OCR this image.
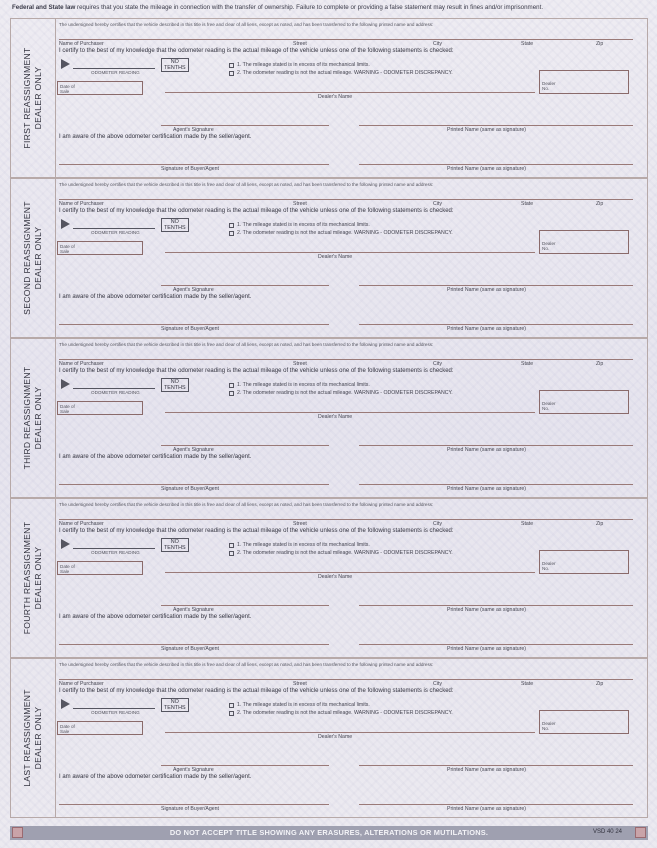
Federal and State law requires that you state the mileage in connection with the transfer of ownership. Failure to complete or providing a false statement may result in fines and/or imprisonment.
FIRST REASSIGNMENT DEALER ONLY
The undersigned hereby certifies that the vehicle described in this title is free and clear of all liens, except as noted, and has been transferred to the following printed name and address:
Name of Purchaser	Street	City	State	Zip
I certify to the best of my knowledge that the odometer reading is the actual mileage of the vehicle unless one of the following statements is checked:
NO
TENTHS
ODOMETER READING
1. The mileage stated is in excess of its mechanical limits.
2. The odometer reading is not the actual mileage. WARNING - ODOMETER DISCREPANCY.
Date of Sale
Dealer's Name
Dealer No.
Agent's Signature	Printed Name (same as signature)
I am aware of the above odometer certification made by the seller/agent.
Signature of Buyer/Agent	Printed Name (same as signature)
SECOND REASSIGNMENT DEALER ONLY
The undersigned hereby certifies that the vehicle described in this title is free and clear of all liens, except as noted, and has been transferred to the following printed name and address:
Name of Purchaser	Street	City	State	Zip
I certify to the best of my knowledge that the odometer reading is the actual mileage of the vehicle unless one of the following statements is checked:
NO
TENTHS
ODOMETER READING
1. The mileage stated is in excess of its mechanical limits.
2. The odometer reading is not the actual mileage. WARNING - ODOMETER DISCREPANCY.
Date of Sale
Dealer's Name
Dealer No.
Agent's Signature	Printed Name (same as signature)
I am aware of the above odometer certification made by the seller/agent.
Signature of Buyer/Agent	Printed Name (same as signature)
THIRD REASSIGNMENT DEALER ONLY
The undersigned hereby certifies that the vehicle described in this title is free and clear of all liens, except as noted, and has been transferred to the following printed name and address:
Name of Purchaser	Street	City	State	Zip
I certify to the best of my knowledge that the odometer reading is the actual mileage of the vehicle unless one of the following statements is checked:
NO
TENTHS
ODOMETER READING
1. The mileage stated is in excess of its mechanical limits.
2. The odometer reading is not the actual mileage. WARNING - ODOMETER DISCREPANCY.
Date of Sale
Dealer's Name
Dealer No.
Agent's Signature	Printed Name (same as signature)
I am aware of the above odometer certification made by the seller/agent.
Signature of Buyer/Agent	Printed Name (same as signature)
FOURTH REASSIGNMENT DEALER ONLY
The undersigned hereby certifies that the vehicle described in this title is free and clear of all liens, except as noted, and has been transferred to the following printed name and address:
Name of Purchaser	Street	City	State	Zip
I certify to the best of my knowledge that the odometer reading is the actual mileage of the vehicle unless one of the following statements is checked:
NO
TENTHS
ODOMETER READING
1. The mileage stated is in excess of its mechanical limits.
2. The odometer reading is not the actual mileage. WARNING - ODOMETER DISCREPANCY.
Date of Sale
Dealer's Name
Dealer No.
Agent's Signature	Printed Name (same as signature)
I am aware of the above odometer certification made by the seller/agent.
Signature of Buyer/Agent	Printed Name (same as signature)
LAST REASSIGNMENT DEALER ONLY
The undersigned hereby certifies that the vehicle described in this title is free and clear of all liens, except as noted, and has been transferred to the following printed name and address:
Name of Purchaser	Street	City	State	Zip
I certify to the best of my knowledge that the odometer reading is the actual mileage of the vehicle unless one of the following statements is checked:
NO
TENTHS
ODOMETER READING
1. The mileage stated is in excess of its mechanical limits.
2. The odometer reading is not the actual mileage. WARNING - ODOMETER DISCREPANCY.
Date of Sale
Dealer's Name
Dealer No.
Agent's Signature	Printed Name (same as signature)
I am aware of the above odometer certification made by the seller/agent.
Signature of Buyer/Agent	Printed Name (same as signature)
DO NOT ACCEPT TITLE SHOWING ANY ERASURES, ALTERATIONS OR MUTILATIONS.	VSD 40 24
